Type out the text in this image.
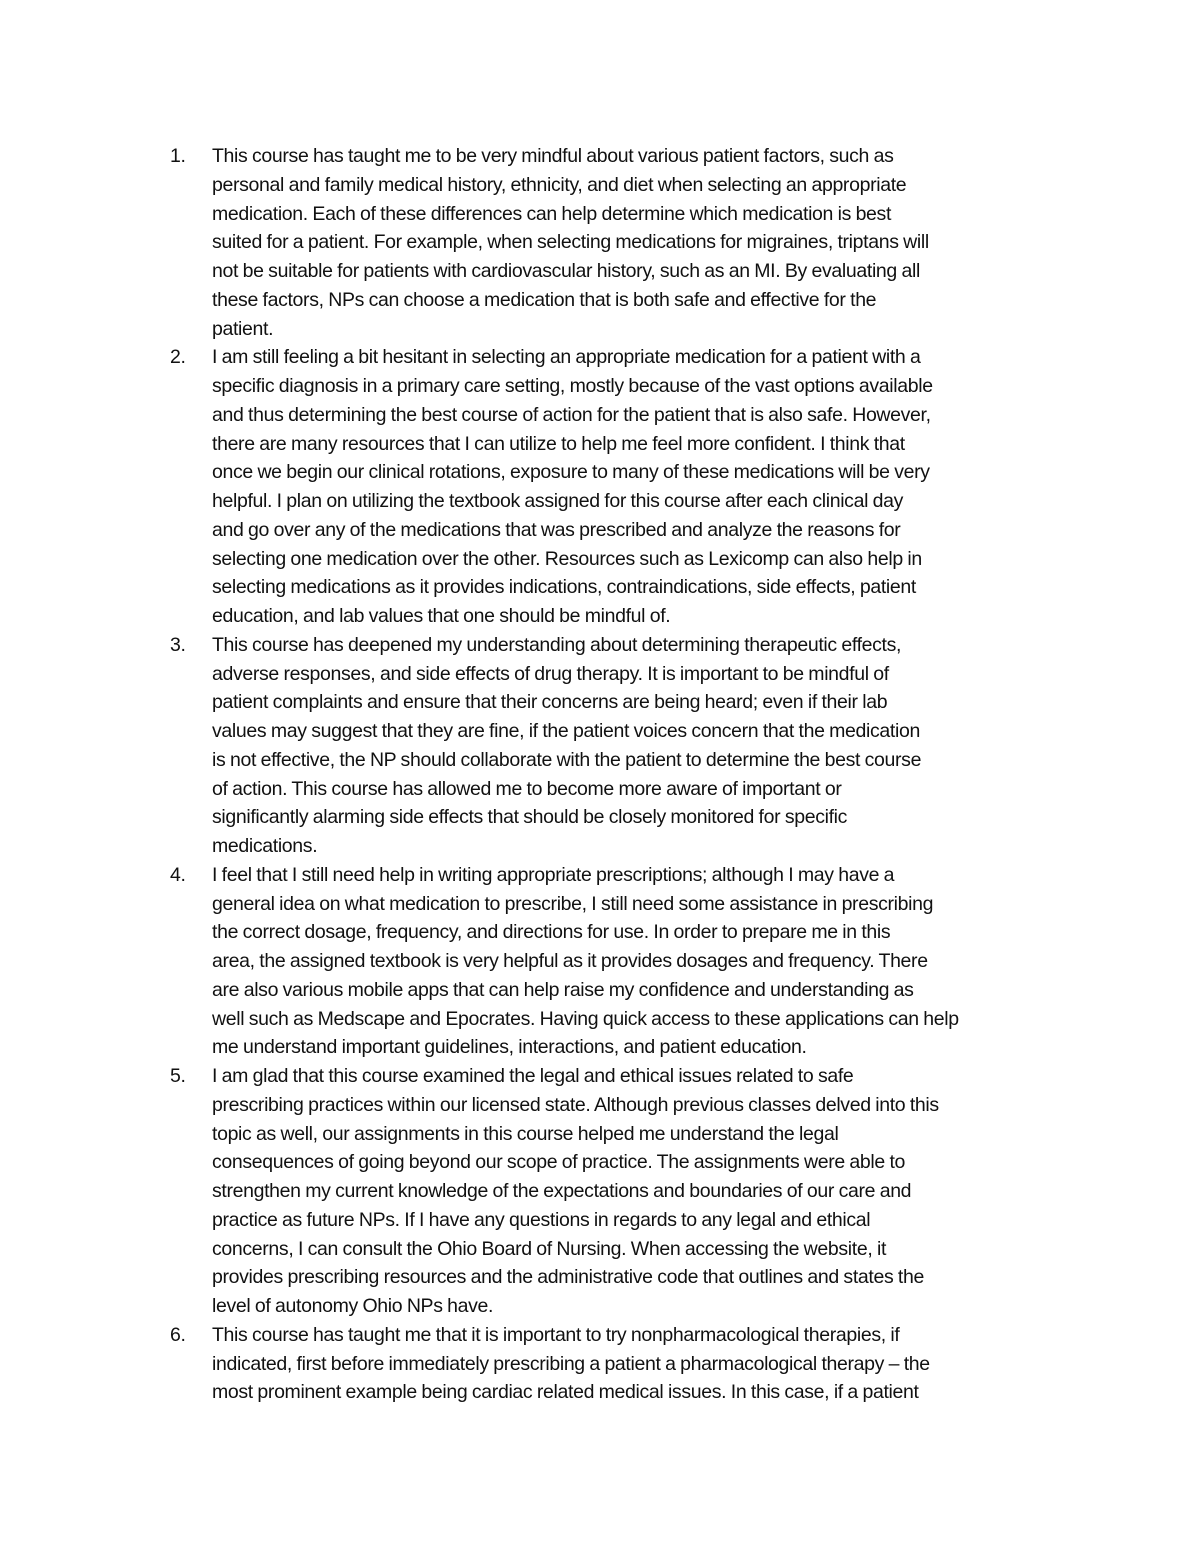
1.	This course has taught me to be very mindful about various patient factors, such as
personal and family medical history, ethnicity, and diet when selecting an appropriate
medication. Each of these differences can help determine which medication is best
suited for a patient. For example, when selecting medications for migraines, triptans will
not be suitable for patients with cardiovascular history, such as an MI. By evaluating all
these factors, NPs can choose a medication that is both safe and effective for the
patient.
2.	I am still feeling a bit hesitant in selecting an appropriate medication for a patient with a
specific diagnosis in a primary care setting, mostly because of the vast options available
and thus determining the best course of action for the patient that is also safe. However,
there are many resources that I can utilize to help me feel more confident. I think that
once we begin our clinical rotations, exposure to many of these medications will be very
helpful. I plan on utilizing the textbook assigned for this course after each clinical day
and go over any of the medications that was prescribed and analyze the reasons for
selecting one medication over the other. Resources such as Lexicomp can also help in
selecting medications as it provides indications, contraindications, side effects, patient
education, and lab values that one should be mindful of.
3.	This course has deepened my understanding about determining therapeutic effects,
adverse responses, and side effects of drug therapy. It is important to be mindful of
patient complaints and ensure that their concerns are being heard; even if their lab
values may suggest that they are fine, if the patient voices concern that the medication
is not effective, the NP should collaborate with the patient to determine the best course
of action. This course has allowed me to become more aware of important or
significantly alarming side effects that should be closely monitored for specific
medications.
4.	I feel that I still need help in writing appropriate prescriptions; although I may have a
general idea on what medication to prescribe, I still need some assistance in prescribing
the correct dosage, frequency, and directions for use. In order to prepare me in this
area, the assigned textbook is very helpful as it provides dosages and frequency. There
are also various mobile apps that can help raise my confidence and understanding as
well such as Medscape and Epocrates. Having quick access to these applications can help
me understand important guidelines, interactions, and patient education.
5.	I am glad that this course examined the legal and ethical issues related to safe
prescribing practices within our licensed state. Although previous classes delved into this
topic as well, our assignments in this course helped me understand the legal
consequences of going beyond our scope of practice. The assignments were able to
strengthen my current knowledge of the expectations and boundaries of our care and
practice as future NPs. If I have any questions in regards to any legal and ethical
concerns, I can consult the Ohio Board of Nursing. When accessing the website, it
provides prescribing resources and the administrative code that outlines and states the
level of autonomy Ohio NPs have.
6.	This course has taught me that it is important to try nonpharmacological therapies, if
indicated, first before immediately prescribing a patient a pharmacological therapy – the
most prominent example being cardiac related medical issues. In this case, if a patient
